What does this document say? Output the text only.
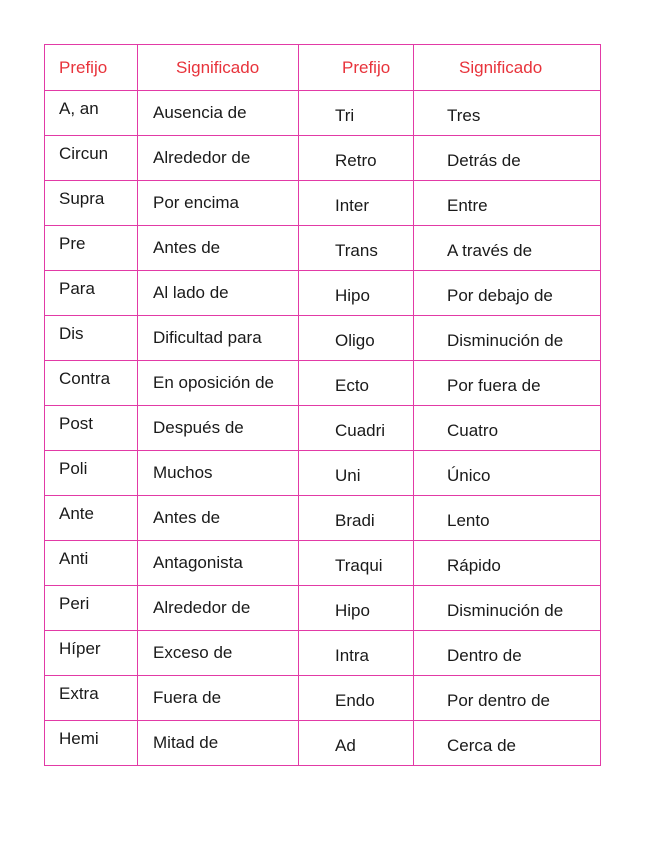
Prefijo	Significado	Prefijo	Significado
A, an	Ausencia de	Tri	Tres
Circun	Alrededor de	Retro	Detrás de
Supra	Por encima	Inter	Entre
Pre	Antes de	Trans	A través de
Para	Al lado de	Hipo	Por debajo de
Dis	Dificultad para	Oligo	Disminución de
Contra	En oposición de	Ecto	Por fuera de
Post	Después de	Cuadri	Cuatro
Poli	Muchos	Uni	Único
Ante	Antes de	Bradi	Lento
Anti	Antagonista	Traqui	Rápido
Peri	Alrededor de	Hipo	Disminución de
Híper	Exceso de	Intra	Dentro de
Extra	Fuera de	Endo	Por dentro de
Hemi	Mitad de	Ad	Cerca de
